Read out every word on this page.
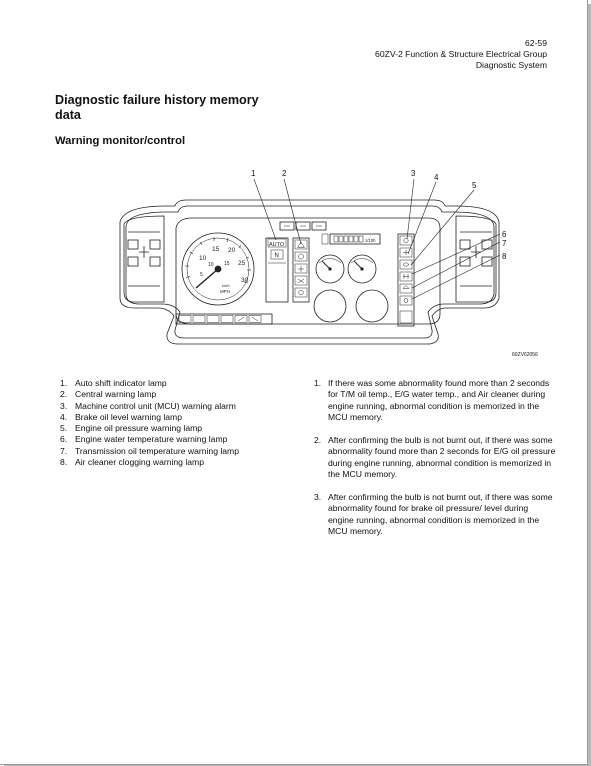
62-59
60ZV-2 Function & Structure Electrical Group
Diagnostic System
Diagnostic failure history memory
data
Warning monitor/control
10
15 20
25
30
5
10 15
km/h
MPH
AUTO
N
1/10h
1	2	3 4
5
6
7
8
60ZV62056
1. Auto shift indicator lamp
2. Central warning lamp
3. Machine control unit (MCU) warning alarm
4. Brake oil level warning lamp
5. Engine oil pressure warning lamp
6. Engine water temperature warning lamp
7. Transmission oil temperature warning lamp
8. Air cleaner clogging warning lamp
1. If there was some abnormality found more than 2 seconds for T/M oil temp., E/G water temp., and Air cleaner during engine running, abnormal condition is memorized in the MCU memory.
2. After confirming the bulb is not burnt out, if there was some abnormality found more than 2 seconds for E/G oil pressure during engine running, abnormal condition is memorized in the MCU memory.
3. After confirming the bulb is not burnt out, if there was some abnormality found for brake oil pressure/ level during engine running, abnormal condition is memorized in the MCU memory.
